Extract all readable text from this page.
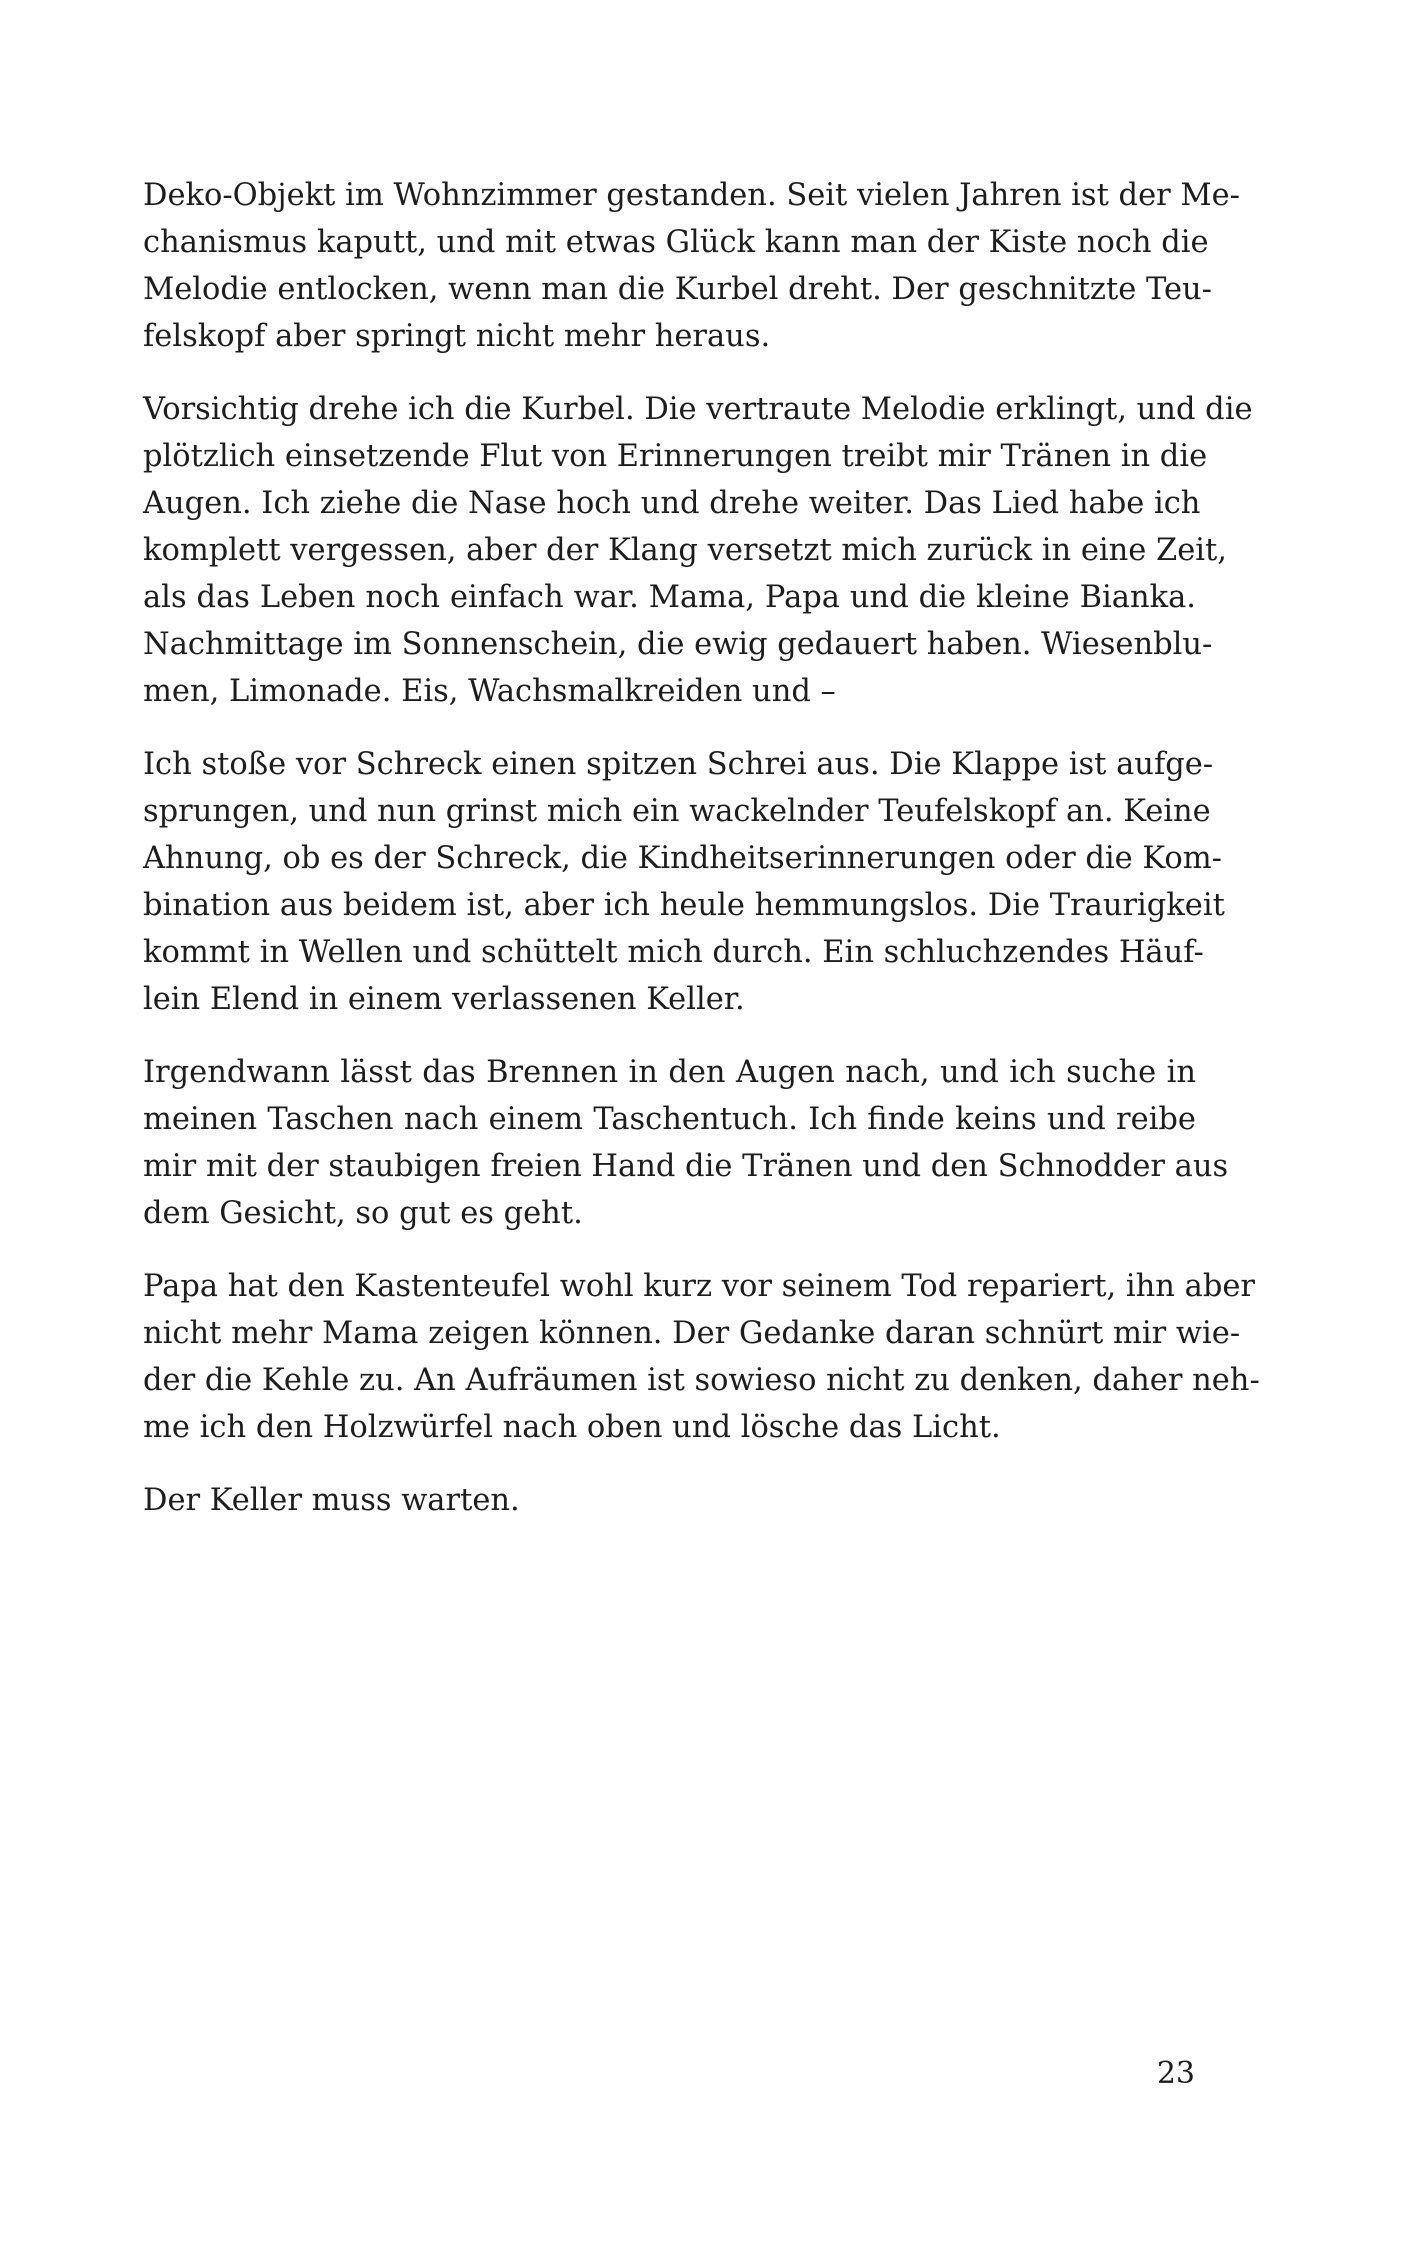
Deko-Objekt im Wohnzimmer gestanden. Seit vielen Jahren ist der Me-
chanismus kaputt, und mit etwas Glück kann man der Kiste noch die
Melodie entlocken, wenn man die Kurbel dreht. Der geschnitzte Teu-
felskopf aber springt nicht mehr heraus.

Vorsichtig drehe ich die Kurbel. Die vertraute Melodie erklingt, und die
plötzlich einsetzende Flut von Erinnerungen treibt mir Tränen in die
Augen. Ich ziehe die Nase hoch und drehe weiter. Das Lied habe ich
komplett vergessen, aber der Klang versetzt mich zurück in eine Zeit,
als das Leben noch einfach war. Mama, Papa und die kleine Bianka.
Nachmittage im Sonnenschein, die ewig gedauert haben. Wiesenblu-
men, Limonade. Eis, Wachsmalkreiden und –

Ich stoße vor Schreck einen spitzen Schrei aus. Die Klappe ist aufge-
sprungen, und nun grinst mich ein wackelnder Teufelskopf an. Keine
Ahnung, ob es der Schreck, die Kindheitserinnerungen oder die Kom-
bination aus beidem ist, aber ich heule hemmungslos. Die Traurigkeit
kommt in Wellen und schüttelt mich durch. Ein schluchzendes Häuf-
lein Elend in einem verlassenen Keller.

Irgendwann lässt das Brennen in den Augen nach, und ich suche in
meinen Taschen nach einem Taschentuch. Ich finde keins und reibe
mir mit der staubigen freien Hand die Tränen und den Schnodder aus
dem Gesicht, so gut es geht.

Papa hat den Kastenteufel wohl kurz vor seinem Tod repariert, ihn aber
nicht mehr Mama zeigen können. Der Gedanke daran schnürt mir wie-
der die Kehle zu. An Aufräumen ist sowieso nicht zu denken, daher neh-
me ich den Holzwürfel nach oben und lösche das Licht.

Der Keller muss warten.

23
